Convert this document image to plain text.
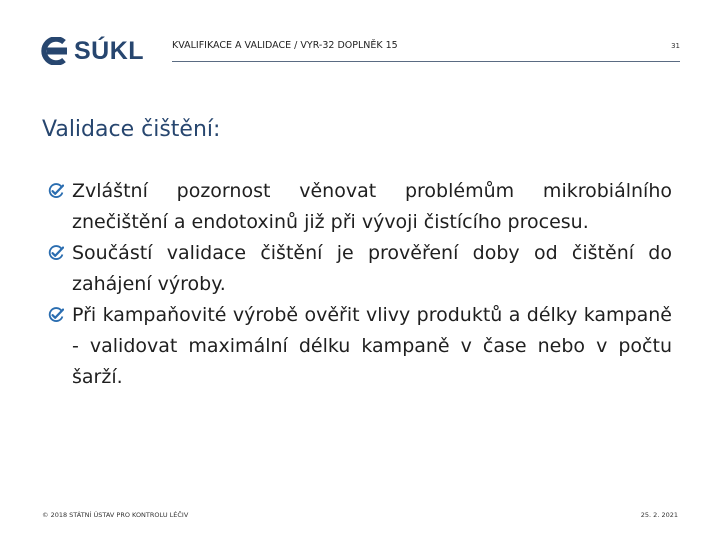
SÚKL	KVALIFIKACE A VALIDACE / VYR-32 DOPLNĚK 15	31
Validace čištění:
Zvláštní pozornost věnovat problémům mikrobiálního znečištění a endotoxinů již při vývoji čistícího procesu.
Součástí validace čištění je prověření doby od čištění do zahájení výroby.
Při kampaňovité výrobě ověřit vlivy produktů a délky kampaně - validovat maximální délku kampaně v čase nebo v počtu šarží.
© 2018 STÁTNÍ ÚSTAV PRO KONTROLU LÉČIV	25. 2. 2021
